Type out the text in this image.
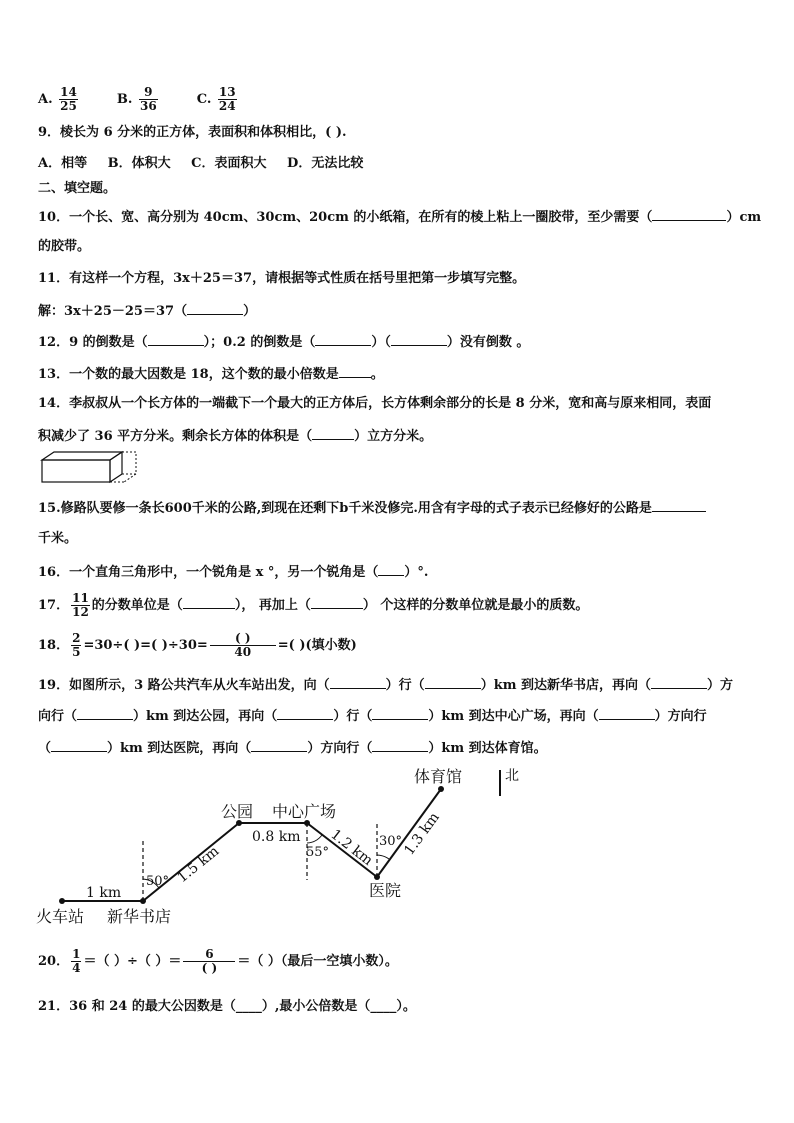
A. $\frac{14}{25}$	B. $\frac{9}{36}$	C. $\frac{13}{24}$
9．棱长为 6 分米的正方体，表面积和体积相比，( ).
A．相等 B．体积大 C．表面积大 D．无法比较
二、填空题。
10．一个长、宽、高分别为 40cm、30cm、20cm 的小纸箱，在所有的棱上粘上一圈胶带，至少需要（	）cm
的胶带。
11．有这样一个方程，3x＋25＝37，请根据等式性质在括号里把第一步填写完整。
解：3x＋25－25＝37（	）
12．9 的倒数是（	）；0.2 的倒数是（	）（	）没有倒数 。
13．一个数的最大因数是 18，这个数的最小倍数是 。
14．李叔叔从一个长方体的一端截下一个最大的正方体后，长方体剩余部分的长是 8 分米，宽和高与原来相同，表面
积减少了 36 平方分米。剩余长方体的体积是（	）立方分米。
15.修路队要修一条长600千米的公路,到现在还剩下b千米没修完.用含有字母的式子表示已经修好的公路是
千米。
16．一个直角三角形中，一个锐角是 x °，另一个锐角是（ ）°.
17． $\frac{11}{12}$ 的分数单位是（	）， 再加上（	） 个这样的分数单位就是最小的质数。
18． $\frac{2}{5} =30\div$( )=( )$\div 30= \frac{( )}{40}$ =( )(填小数)
19．如图所示，3 路公共汽车从火车站出发，向（	）行（	）km 到达新华书店，再向（	）方
向行（	）km 到达公园，再向（	）行（	）km 到达中心广场，再向（	）方向行
（	）km 到达医院，再向（	）方向行（	）km 到达体育馆。
北
体育馆
公园 中心广场
医院
火车站 新华书店
1 km
1.5 km
0.8 km 1.2 km 1.3 km
50°
55°
30°
20． $\frac{1}{4}$ ＝（ ）÷（ ）＝ $\frac{6}{( )}$ ＝（ ）（最后一空填小数）。
21．36 和 24 的最大公因数是（____）,最小公倍数是（____）。
